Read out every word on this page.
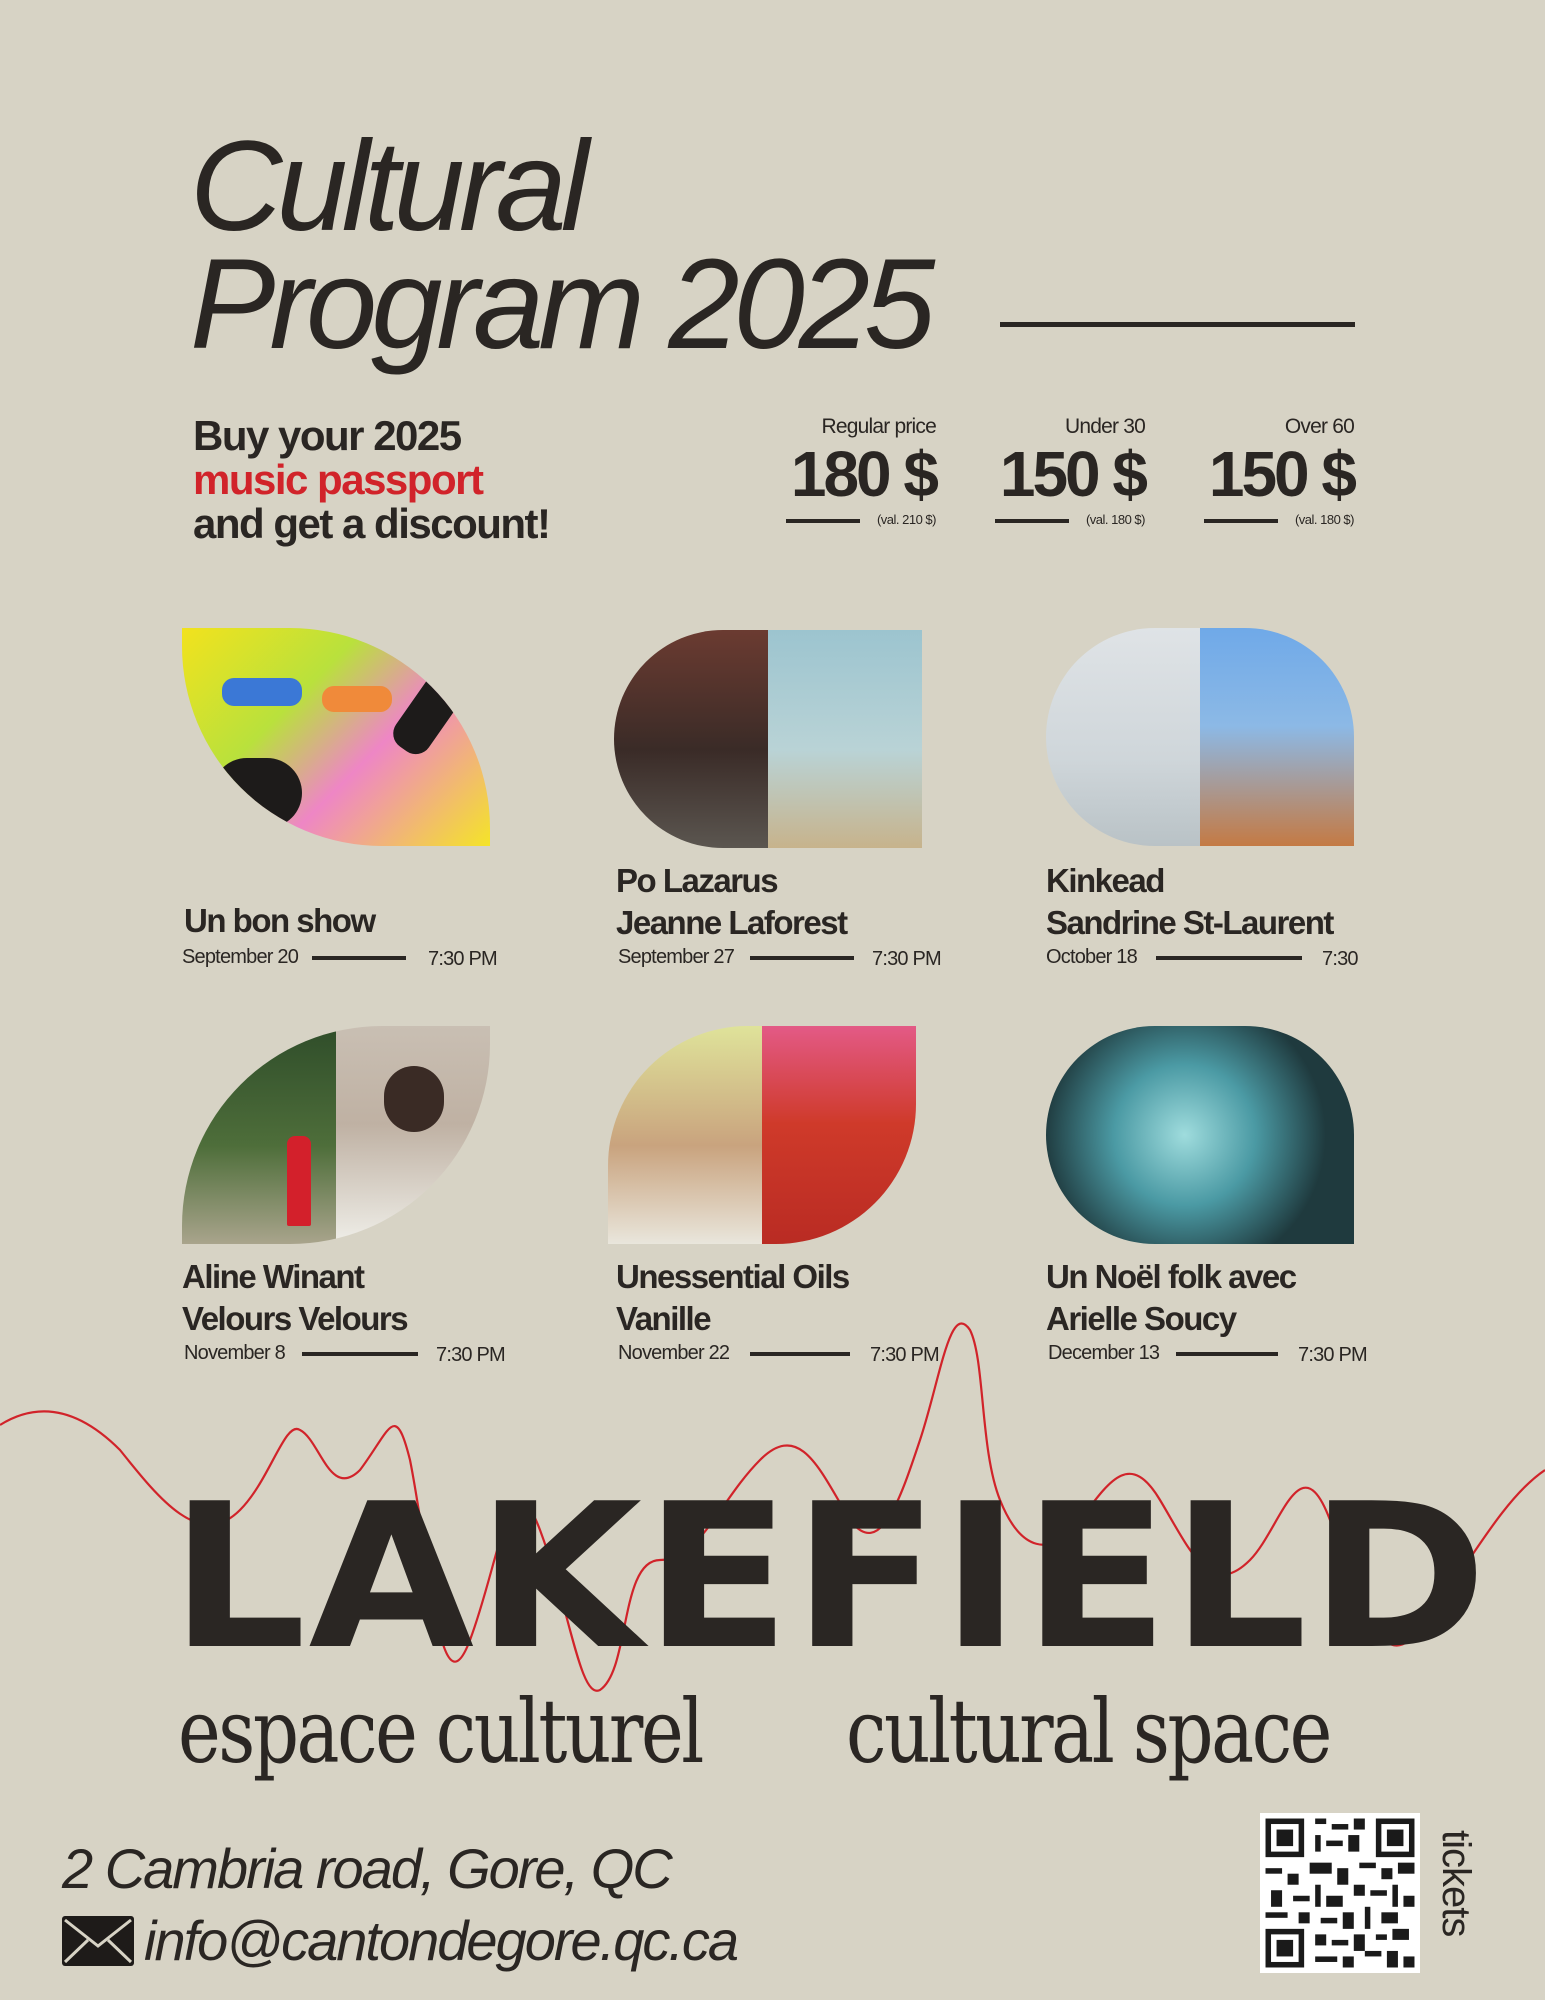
Cultural
Program 2025
Buy your 2025
music passport
and get a discount!
Regular price
180 $
(val. 210 $)
Under 30
150 $
(val. 180 $)
Over 60
150 $
(val. 180 $)
Un bon show
September 20	7:30 PM
Po Lazarus
Jeanne Laforest
September 27	7:30 PM
Kinkead
Sandrine St-Laurent
October 18	7:30
Aline Winant
Velours Velours
November 8	7:30 PM
Unessential Oils
Vanille
November 22	7:30 PM
Un Noël folk avec
Arielle Soucy
December 13	7:30 PM
LAKEFIELD
espace culturel cultural space
2 Cambria road, Gore, QC
info@cantondegore.qc.ca
tickets
